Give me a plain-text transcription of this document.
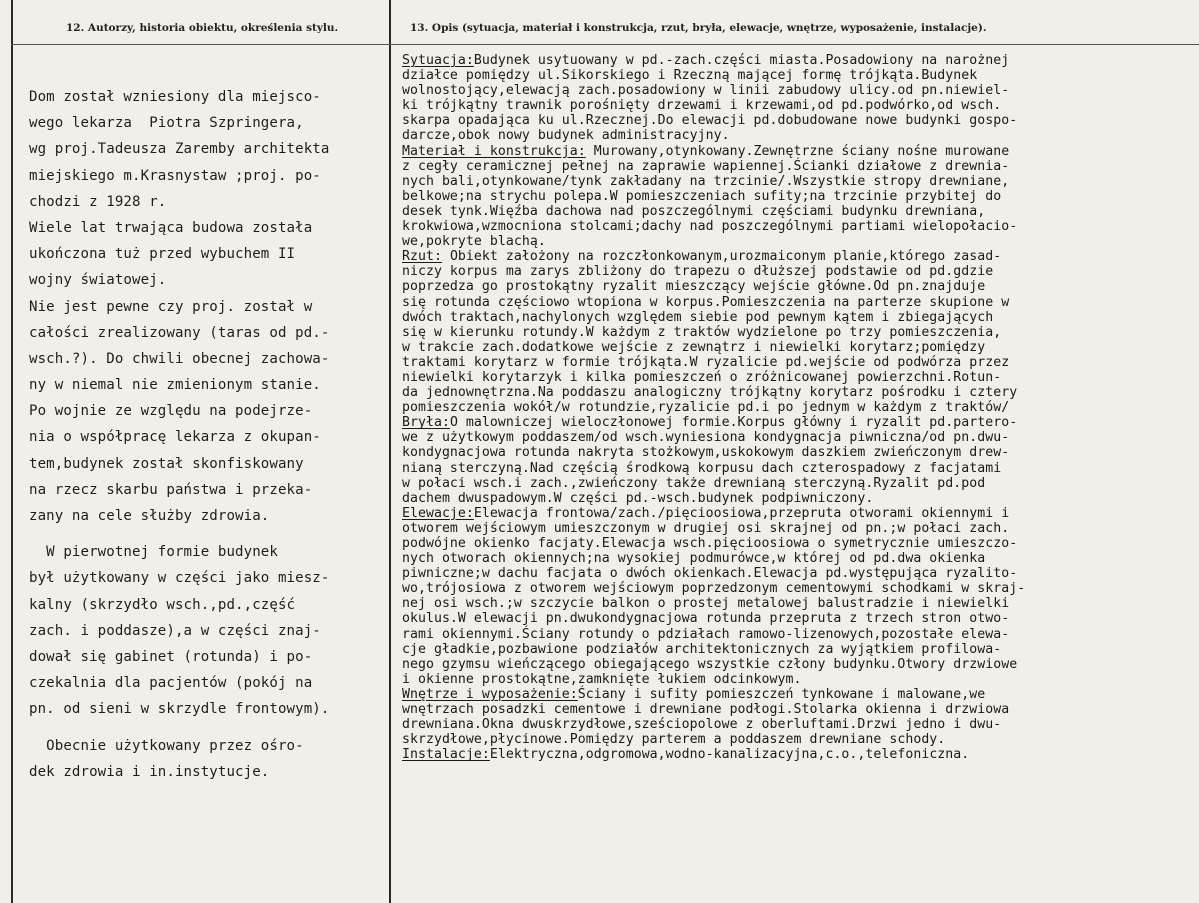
12. Autorzy, historia obiektu, określenia stylu.	13. Opis (sytuacja, materiał i konstrukcja, rzut, bryła, elewacje, wnętrze, wyposażenie, instalacje).
Dom został wzniesiony dla miejsco-
wego lekarza  Piotra Szpringera,
wg proj.Tadeusza Zaremby architekta
miejskiego m.Krasnystaw ;proj. po-
chodzi z 1928 r.
Wiele lat trwająca budowa została
ukończona tuż przed wybuchem II
wojny światowej.
Nie jest pewne czy proj. został w
całości zrealizowany (taras od pd.-
wsch.?). Do chwili obecnej zachowa-
ny w niemal nie zmienionym stanie.
Po wojnie ze względu na podejrze-
nia o współpracę lekarza z okupan-
tem,budynek został skonfiskowany
na rzecz skarbu państwa i przeka-
zany na cele służby zdrowia.
W pierwotnej formie budynek
był użytkowany w części jako miesz-
kalny (skrzydło wsch.,pd.,część
zach. i poddasze),a w części znaj-
dował się gabinet (rotunda) i po-
czekalnia dla pacjentów (pokój na
pn. od sieni w skrzydle frontowym).
Obecnie użytkowany przez ośro-
dek zdrowia i in.instytucje.
Sytuacja:Budynek usytuowany w pd.-zach.części miasta.Posadowiony na narożnej
działce pomiędzy ul.Sikorskiego i Rzeczną mającej formę trójkąta.Budynek
wolnostojący,elewacją zach.posadowiony w linii zabudowy ulicy.od pn.niewiel-
ki trójkątny trawnik porośnięty drzewami i krzewami,od pd.podwórko,od wsch.
skarpa opadająca ku ul.Rzecznej.Do elewacji pd.dobudowane nowe budynki gospo-
darcze,obok nowy budynek administracyjny.
Materiał i konstrukcja: Murowany,otynkowany.Zewnętrzne ściany nośne murowane
z cegły ceramicznej pełnej na zaprawie wapiennej.Ścianki działowe z drewnia-
nych bali,otynkowane/tynk zakładany na trzcinie/.Wszystkie stropy drewniane,
belkowe;na strychu polepa.W pomieszczeniach sufity;na trzcinie przybitej do
desek tynk.Więźba dachowa nad poszczególnymi częściami budynku drewniana,
krokwiowa,wzmocniona stolcami;dachy nad poszczególnymi partiami wielopołacio-
we,pokryte blachą.
Rzut: Obiekt założony na rozczłonkowanym,urozmaiconym planie,którego zasad-
niczy korpus ma zarys zbliżony do trapezu o dłuższej podstawie od pd.gdzie
poprzedza go prostokątny ryzalit mieszczący wejście główne.Od pn.znajduje
się rotunda częściowo wtopiona w korpus.Pomieszczenia na parterze skupione w
dwóch traktach,nachylonych względem siebie pod pewnym kątem i zbiegających
się w kierunku rotundy.W każdym z traktów wydzielone po trzy pomieszczenia,
w trakcie zach.dodatkowe wejście z zewnątrz i niewielki korytarz;pomiędzy
traktami korytarz w formie trójkąta.W ryzalicie pd.wejście od podwórza przez
niewielki korytarzyk i kilka pomieszczeń o zróżnicowanej powierzchni.Rotun-
da jednownętrzna.Na poddaszu analogiczny trójkątny korytarz pośrodku i cztery
pomieszczenia wokół/w rotundzie,ryzalicie pd.i po jednym w każdym z traktów/
Bryła:O malowniczej wieloczłonowej formie.Korpus główny i ryzalit pd.partero-
we z użytkowym poddaszem/od wsch.wyniesiona kondygnacja piwniczna/od pn.dwu-
kondygnacjowa rotunda nakryta stożkowym,uskokowym daszkiem zwieńczonym drew-
nianą sterczyną.Nad częścią środkową korpusu dach czterospadowy z facjatami
w połaci wsch.i zach.,zwieńczony także drewnianą sterczyną.Ryzalit pd.pod
dachem dwuspadowym.W części pd.-wsch.budynek podpiwniczony.
Elewacje:Elewacja frontowa/zach./pięcioosiowa,przepruta otworami okiennymi i
otworem wejściowym umieszczonym w drugiej osi skrajnej od pn.;w połaci zach.
podwójne okienko facjaty.Elewacja wsch.pięcioosiowa o symetrycznie umieszczo-
nych otworach okiennych;na wysokiej podmurówce,w której od pd.dwa okienka
piwniczne;w dachu facjata o dwóch okienkach.Elewacja pd.występująca ryzalito-
wo,trójosiowa z otworem wejściowym poprzedzonym cementowymi schodkami w skraj-
nej osi wsch.;w szczycie balkon o prostej metalowej balustradzie i niewielki
okulus.W elewacji pn.dwukondygnacjowa rotunda przepruta z trzech stron otwo-
rami okiennymi.Ściany rotundy o pdziałach ramowo-lizenowych,pozostałe elewa-
cje gładkie,pozbawione podziałów architektonicznych za wyjątkiem profilowa-
nego gzymsu wieńczącego obiegającego wszystkie człony budynku.Otwory drzwiowe
i okienne prostokątne,zamknięte łukiem odcinkowym.
Wnętrze i wyposażenie:Ściany i sufity pomieszczeń tynkowane i malowane,we
wnętrzach posadzki cementowe i drewniane podłogi.Stolarka okienna i drzwiowa
drewniana.Okna dwuskrzydłowe,sześciopolowe z oberluftami.Drzwi jedno i dwu-
skrzydłowe,płycinowe.Pomiędzy parterem a poddaszem drewniane schody.
Instalacje:Elektryczna,odgromowa,wodno-kanalizacyjna,c.o.,telefoniczna.
